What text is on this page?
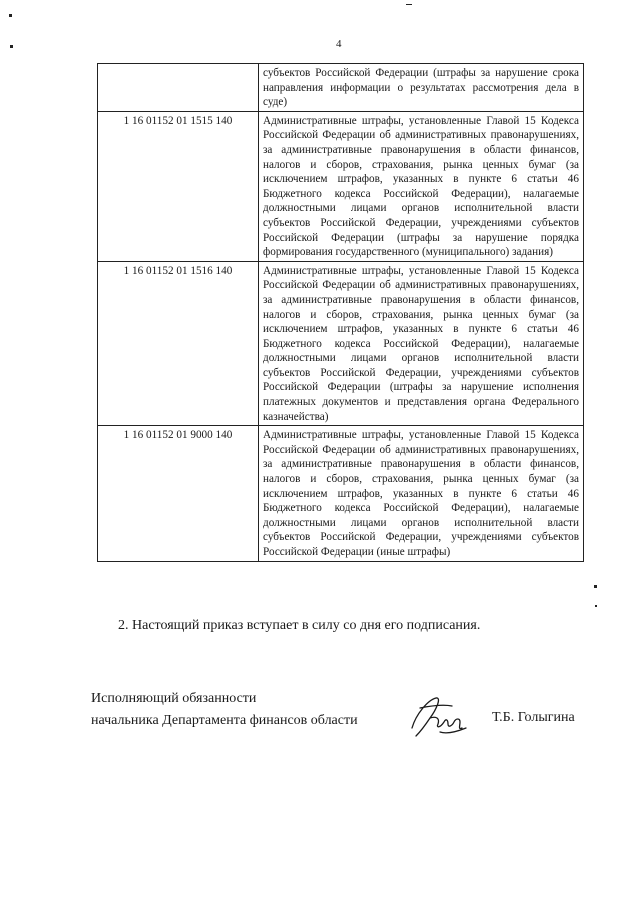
4
	субъектов Российской Федерации (штрафы за нарушение срока направления информации о результатах рассмотрения дела в суде)
1 16 01152 01 1515 140	Административные штрафы, установленные Главой 15 Кодекса Российской Федерации об административных правонарушениях, за административные правонарушения в области финансов, налогов и сборов, страхования, рынка ценных бумаг (за исключением штрафов, указанных в пункте 6 статьи 46 Бюджетного кодекса Российской Федерации), налагаемые должностными лицами органов исполнительной власти субъектов Российской Федерации, учреждениями субъектов Российской Федерации (штрафы за нарушение порядка формирования государственного (муниципального) задания)
1 16 01152 01 1516 140	Административные штрафы, установленные Главой 15 Кодекса Российской Федерации об административных правонарушениях, за административные правонарушения в области финансов, налогов и сборов, страхования, рынка ценных бумаг (за исключением штрафов, указанных в пункте 6 статьи 46 Бюджетного кодекса Российской Федерации), налагаемые должностными лицами органов исполнительной власти субъектов Российской Федерации, учреждениями субъектов Российской Федерации (штрафы за нарушение исполнения платежных документов и представления органа Федерального казначейства)
1 16 01152 01 9000 140	Административные штрафы, установленные Главой 15 Кодекса Российской Федерации об административных правонарушениях, за административные правонарушения в области финансов, налогов и сборов, страхования, рынка ценных бумаг (за исключением штрафов, указанных в пункте 6 статьи 46 Бюджетного кодекса Российской Федерации), налагаемые должностными лицами органов исполнительной власти субъектов Российской Федерации, учреждениями субъектов Российской Федерации (иные штрафы)
2. Настоящий приказ вступает в силу со дня его подписания.
Исполняющий обязанности
начальника Департамента финансов области	Т.Б. Голыгина
